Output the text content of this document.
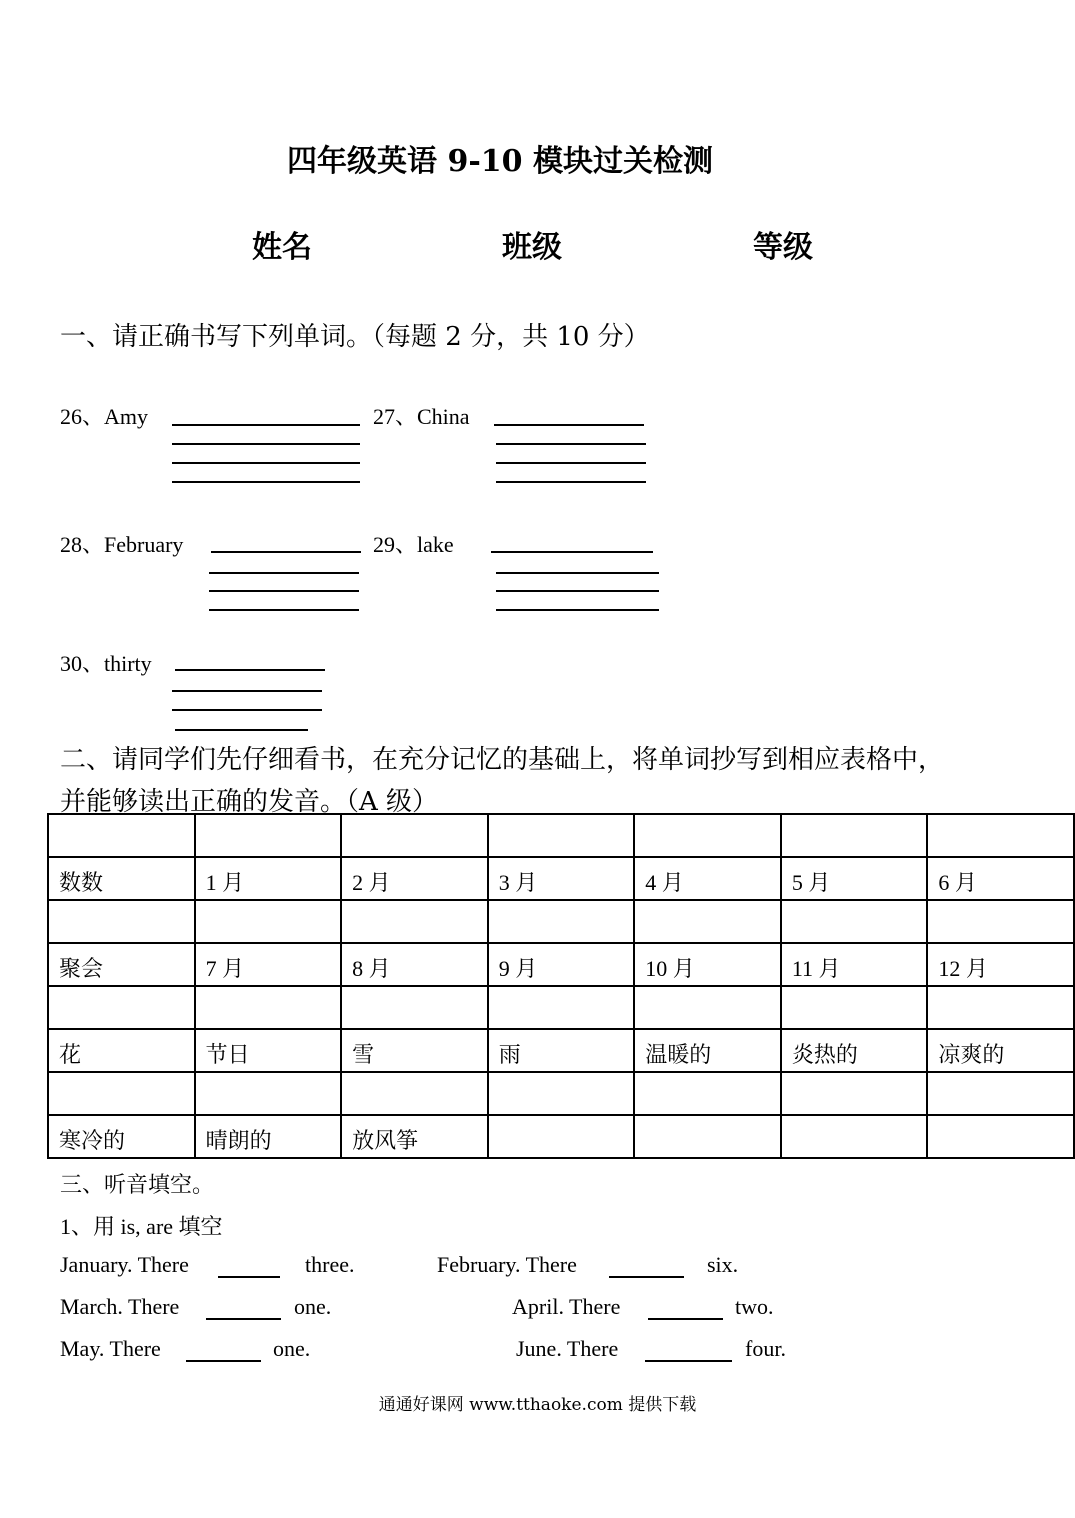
四年级英语 9-10 模块过关检测
姓名	班级	等级
一、请正确书写下列单词。（每题 2 分，共 10 分）
26、Amy	27、China
28、February	29、lake
30、thirty
二、请同学们先仔细看书，在充分记忆的基础上，将单词抄写到相应表格中，
并能够读出正确的发音。（A 级）

数数	1 月	2 月	3 月	4 月	5 月	6 月

聚会	7 月	8 月	9 月	10 月	11 月	12 月

花	节日	雪	雨	温暖的	炎热的	凉爽的

寒冷的	晴朗的	放风筝				
三、听音填空。
1、用 is, are 填空
January. There	three.	February. There	six.
March. There	one.	April. There	two.
May. There	one.	June. There	four.
通通好课网 www.tthaoke.com 提供下载
